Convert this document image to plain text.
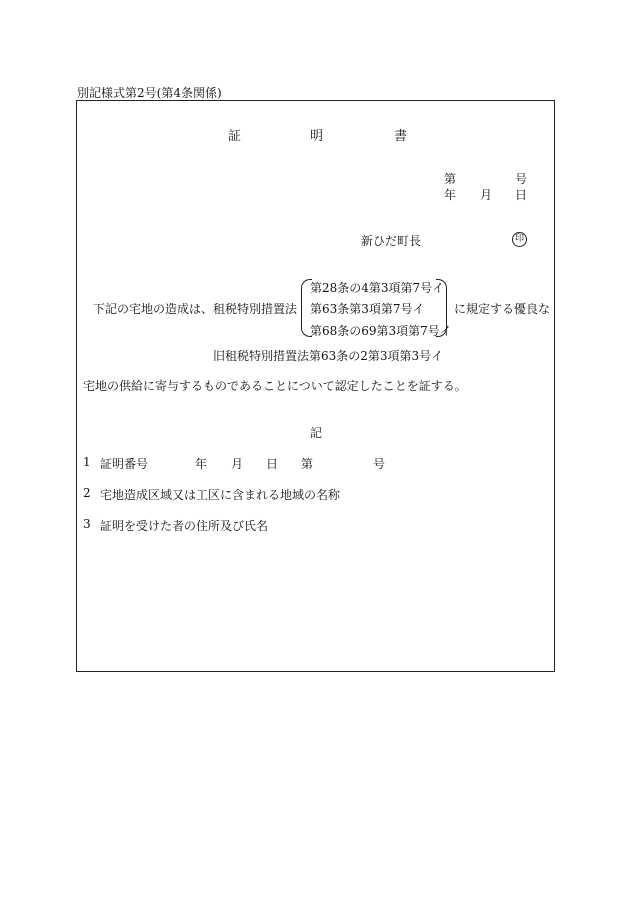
別記様式第2号(第4条関係)
証	明	書
第	号
年 月 日
新ひだ町長	印
下記の宅地の造成は、租税特別措置法
第28条の4第3項第7号イ
第63条第3項第7号イ
第68条の69第3項第7号イ
に規定する優良な
旧租税特別措置法第63条の2第3項第3号イ
宅地の供給に寄与するものであることについて認定したことを証する。
記
1 証明番号	年 月 日 第	号
2 宅地造成区域又は工区に含まれる地域の名称
3 証明を受けた者の住所及び氏名
